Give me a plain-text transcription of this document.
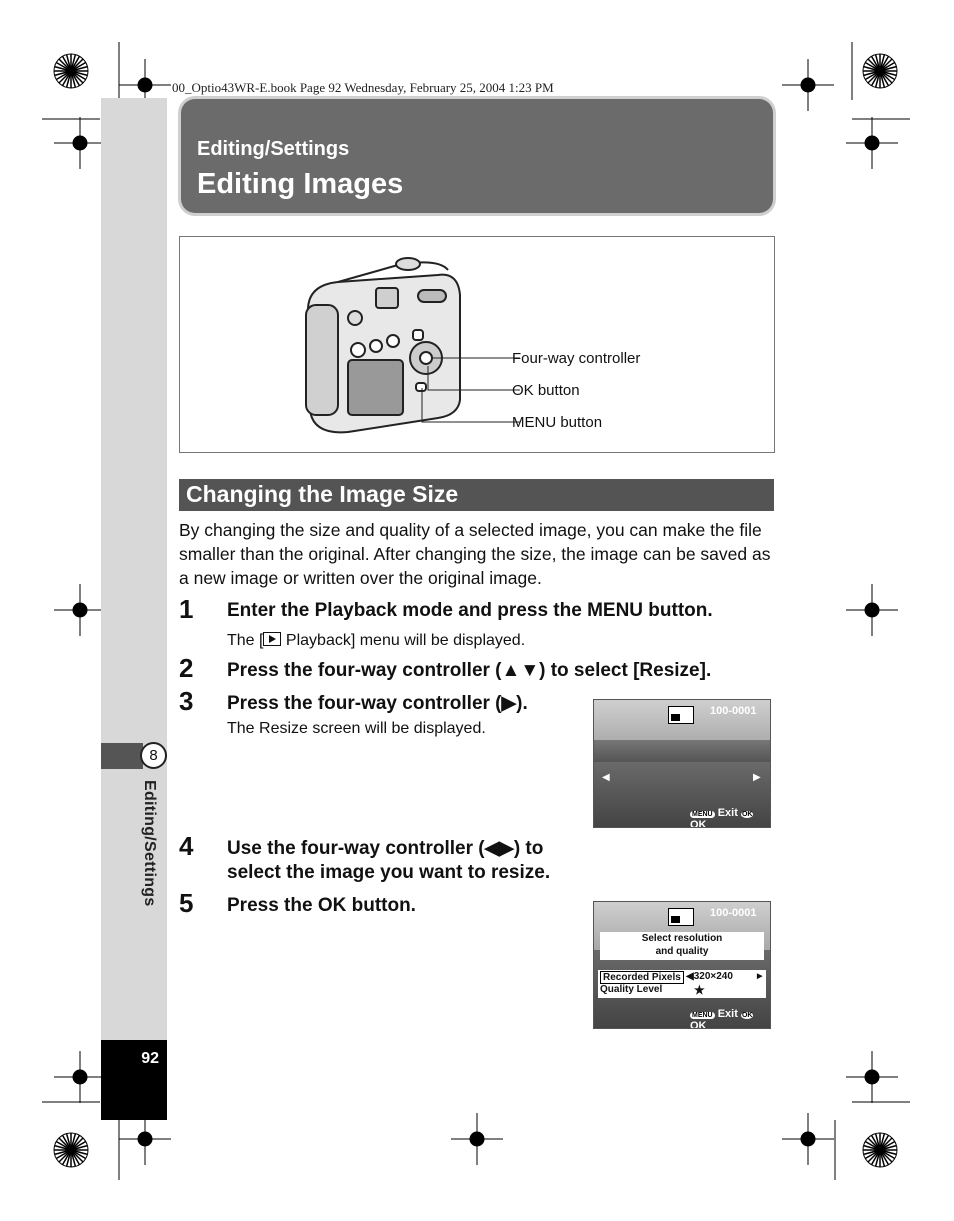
00_Optio43WR-E.book Page 92 Wednesday, February 25, 2004 1:23 PM
8
Editing/Settings
92
Editing/Settings
Editing Images
Four-way controller
OK button
MENU button
Changing the Image Size
By changing the size and quality of a selected image, you can make the file smaller than the original. After changing the size, the image can be saved as a new image or written over the original image.
1 Enter the Playback mode and press the MENU button.
The [
Playback] menu will be displayed.
2 Press the four-way controller (▲▼) to select [Resize].
3 Press the four-way controller (▶).
The Resize screen will be displayed.
4 Use the four-way controller (◀▶) to
select the image you want to resize.
5 Press the OK button.
100-0001
◀	▶
MENU Exit OK OK
100-0001
Select resolution
and quality
Recorded Pixels ◀320×240	▶
Quality Level	★
MENU Exit OK OK
